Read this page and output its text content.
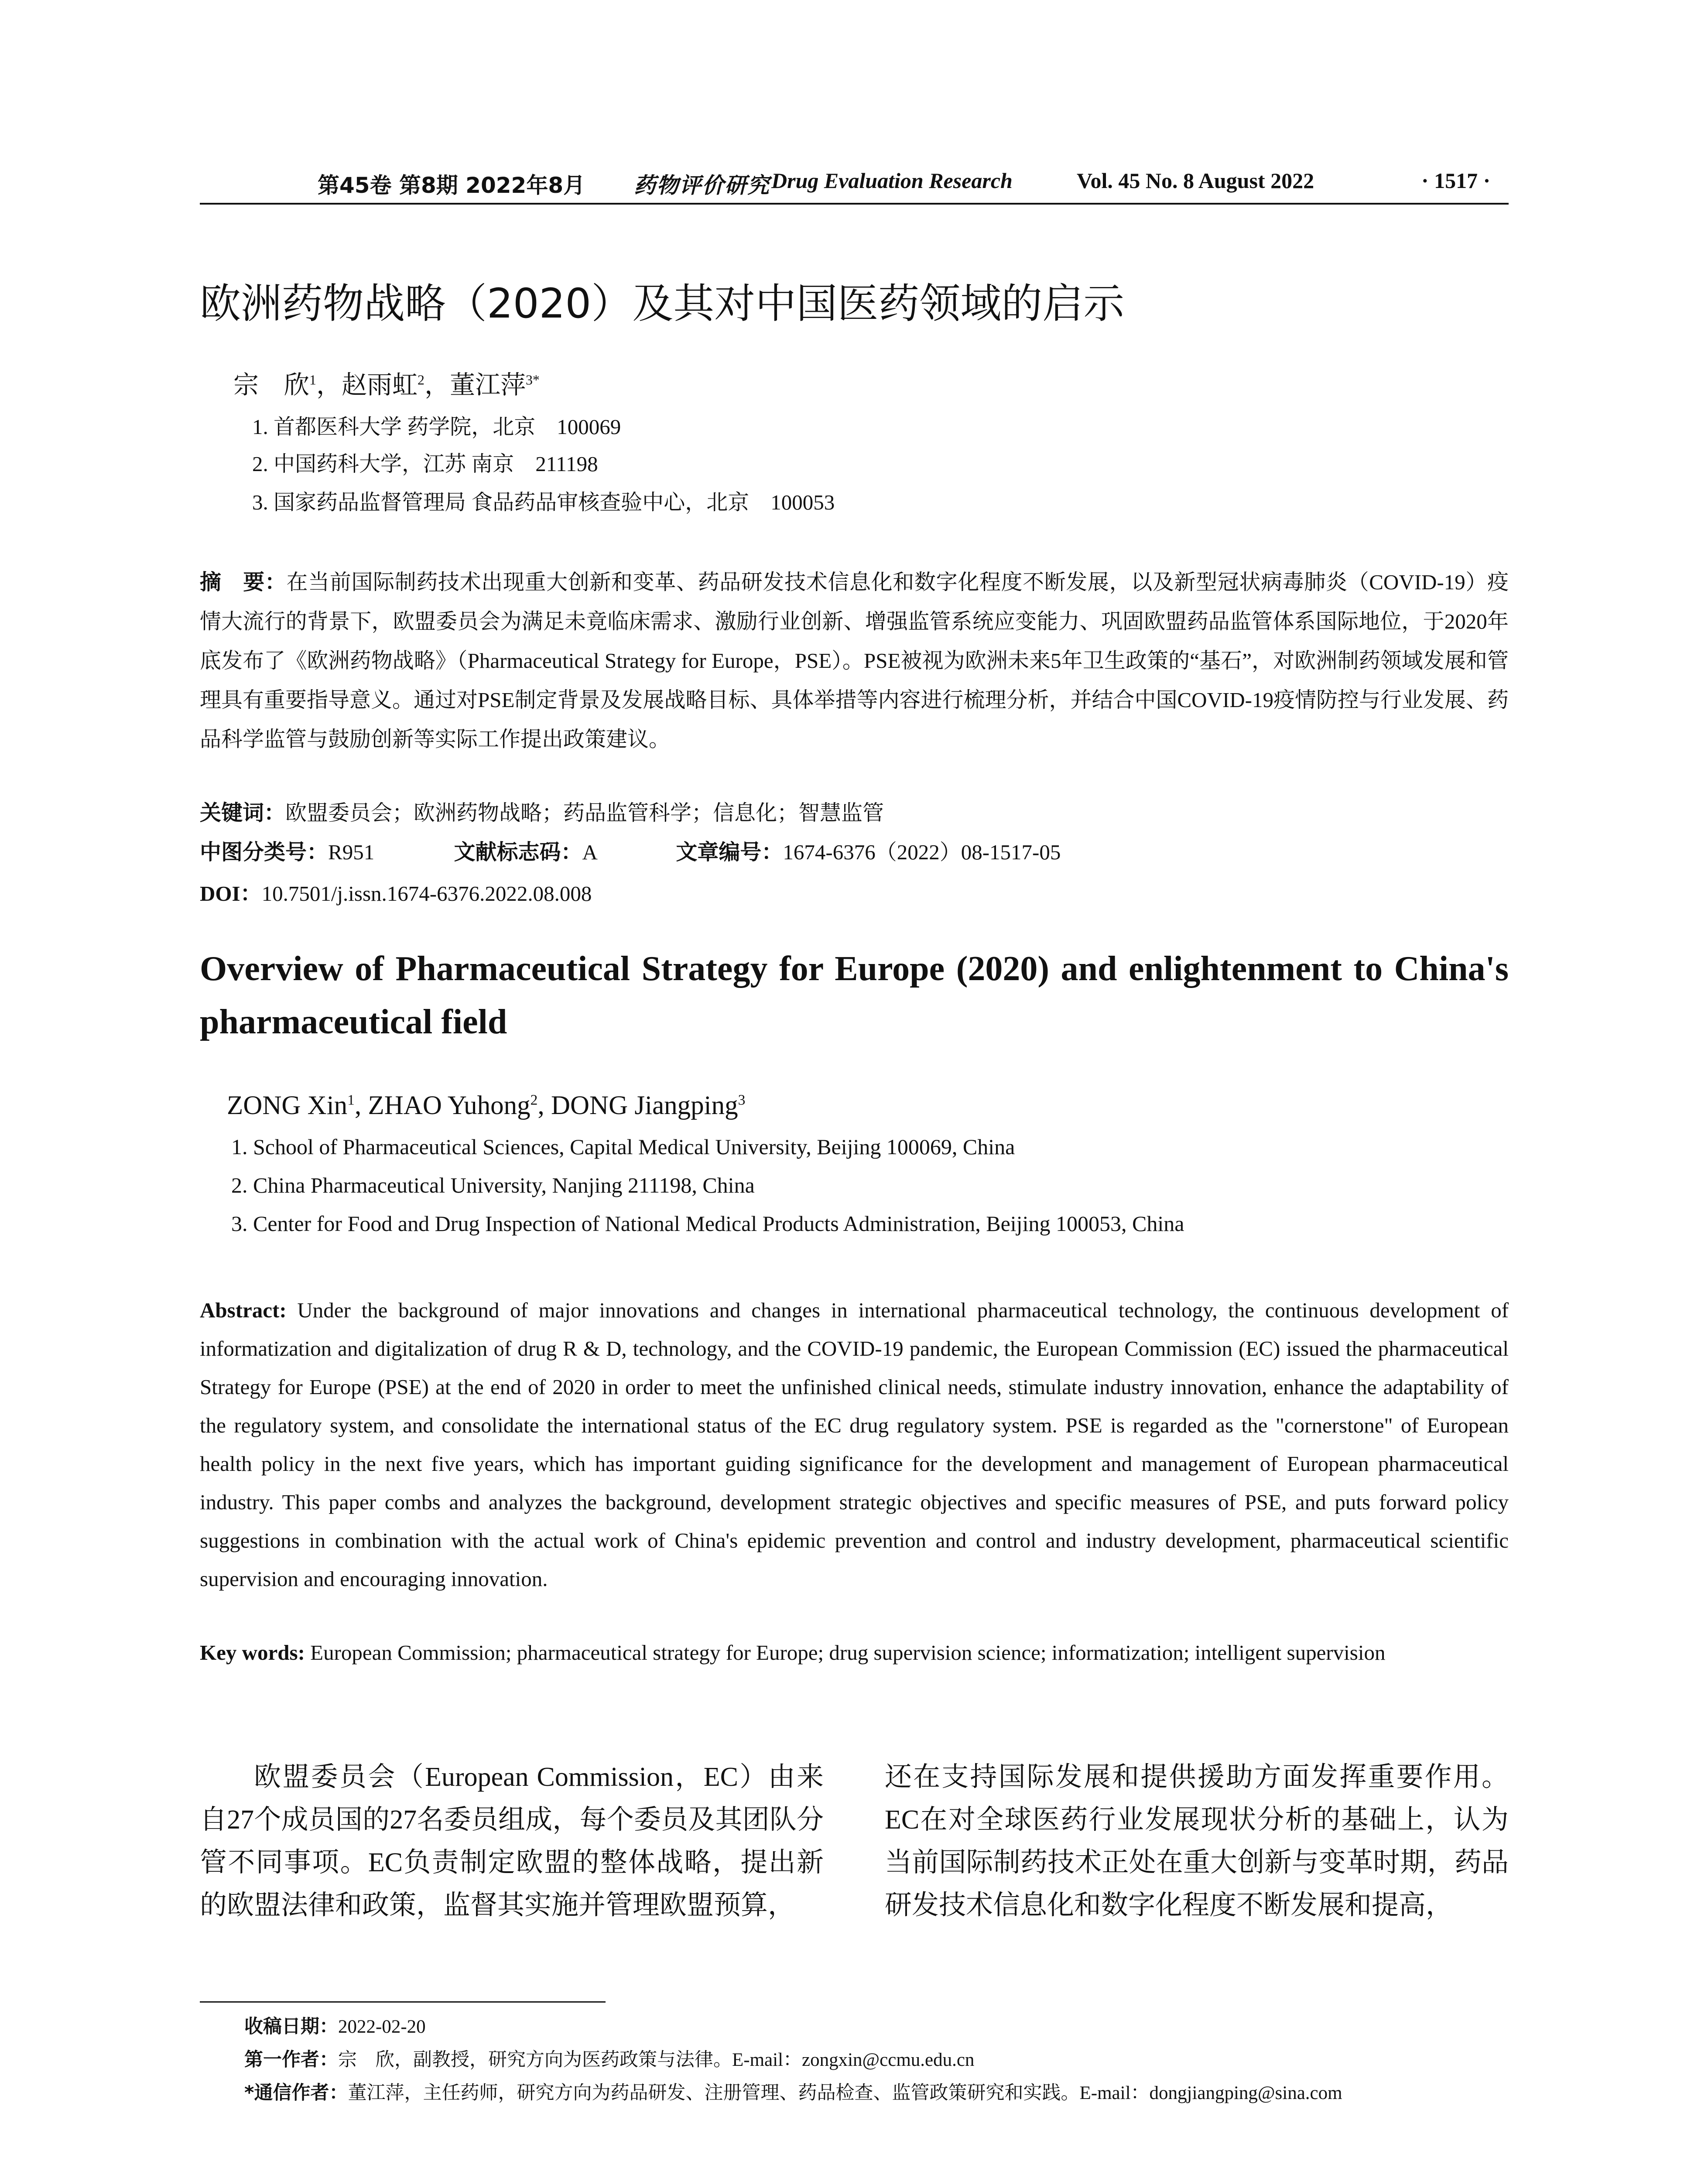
第45卷 第8期 2022年8月 药物评价研究 Drug Evaluation Research	Vol. 45 No. 8 August 2022	· 1517 ·
欧洲药物战略（2020）及其对中国医药领域的启示
宗　欣$^1$，赵雨虹$^2$，董江萍$^{3*}$
1. 首都医科大学 药学院，北京　100069
2. 中国药科大学，江苏 南京　211198
3. 国家药品监督管理局 食品药品审核查验中心，北京　100053
摘　要：在当前国际制药技术出现重大创新和变革、药品研发技术信息化和数字化程度不断发展，以及新型冠状病毒肺炎（COVID-19）疫情大流行的背景下，欧盟委员会为满足未竟临床需求、激励行业创新、增强监管系统应变能力、巩固欧盟药品监管体系国际地位，于2020年底发布了《欧洲药物战略》（Pharmaceutical Strategy for Europe，PSE）。PSE被视为欧洲未来5年卫生政策的“基石”，对欧洲制药领域发展和管理具有重要指导意义。通过对PSE制定背景及发展战略目标、具体举措等内容进行梳理分析，并结合中国COVID-19疫情防控与行业发展、药品科学监管与鼓励创新等实际工作提出政策建议。
关键词：欧盟委员会；欧洲药物战略；药品监管科学；信息化；智慧监管
中图分类号：R951	文献标志码：A	文章编号：1674-6376（2022）08-1517-05
DOI：10.7501/j.issn.1674-6376.2022.08.008
Overview of Pharmaceutical Strategy for Europe (2020) and enlightenment to China's pharmaceutical field
ZONG Xin$^1$, ZHAO Yuhong$^2$, DONG Jiangping$^3$
1. School of Pharmaceutical Sciences, Capital Medical University, Beijing 100069, China
2. China Pharmaceutical University, Nanjing 211198, China
3. Center for Food and Drug Inspection of National Medical Products Administration, Beijing 100053, China
Abstract: Under the background of major innovations and changes in international pharmaceutical technology, the continuous development of informatization and digitalization of drug R & D, technology, and the COVID-19 pandemic, the European Commission (EC) issued the pharmaceutical Strategy for Europe (PSE) at the end of 2020 in order to meet the unfinished clinical needs, stimulate industry innovation, enhance the adaptability of the regulatory system, and consolidate the international status of the EC drug regulatory system. PSE is regarded as the "cornerstone" of European health policy in the next five years, which has important guiding significance for the development and management of European pharmaceutical industry. This paper combs and analyzes the background, development strategic objectives and specific measures of PSE, and puts forward policy suggestions in combination with the actual work of China's epidemic prevention and control and industry development, pharmaceutical scientific supervision and encouraging innovation.
Key words: European Commission; pharmaceutical strategy for Europe; drug supervision science; informatization; intelligent supervision
欧盟委员会（European Commission，EC）由来自27个成员国的27名委员组成，每个委员及其团队分管不同事项。EC负责制定欧盟的整体战略，提出新的欧盟法律和政策，监督其实施并管理欧盟预算，
还在支持国际发展和提供援助方面发挥重要作用。EC在对全球医药行业发展现状分析的基础上，认为当前国际制药技术正处在重大创新与变革时期，药品研发技术信息化和数字化程度不断发展和提高，
收稿日期：2022-02-20
第一作者：宗　欣，副教授，研究方向为医药政策与法律。E-mail：zongxin@ccmu.edu.cn
*通信作者：董江萍，主任药师，研究方向为药品研发、注册管理、药品检查、监管政策研究和实践。E-mail：dongjiangping@sina.com
